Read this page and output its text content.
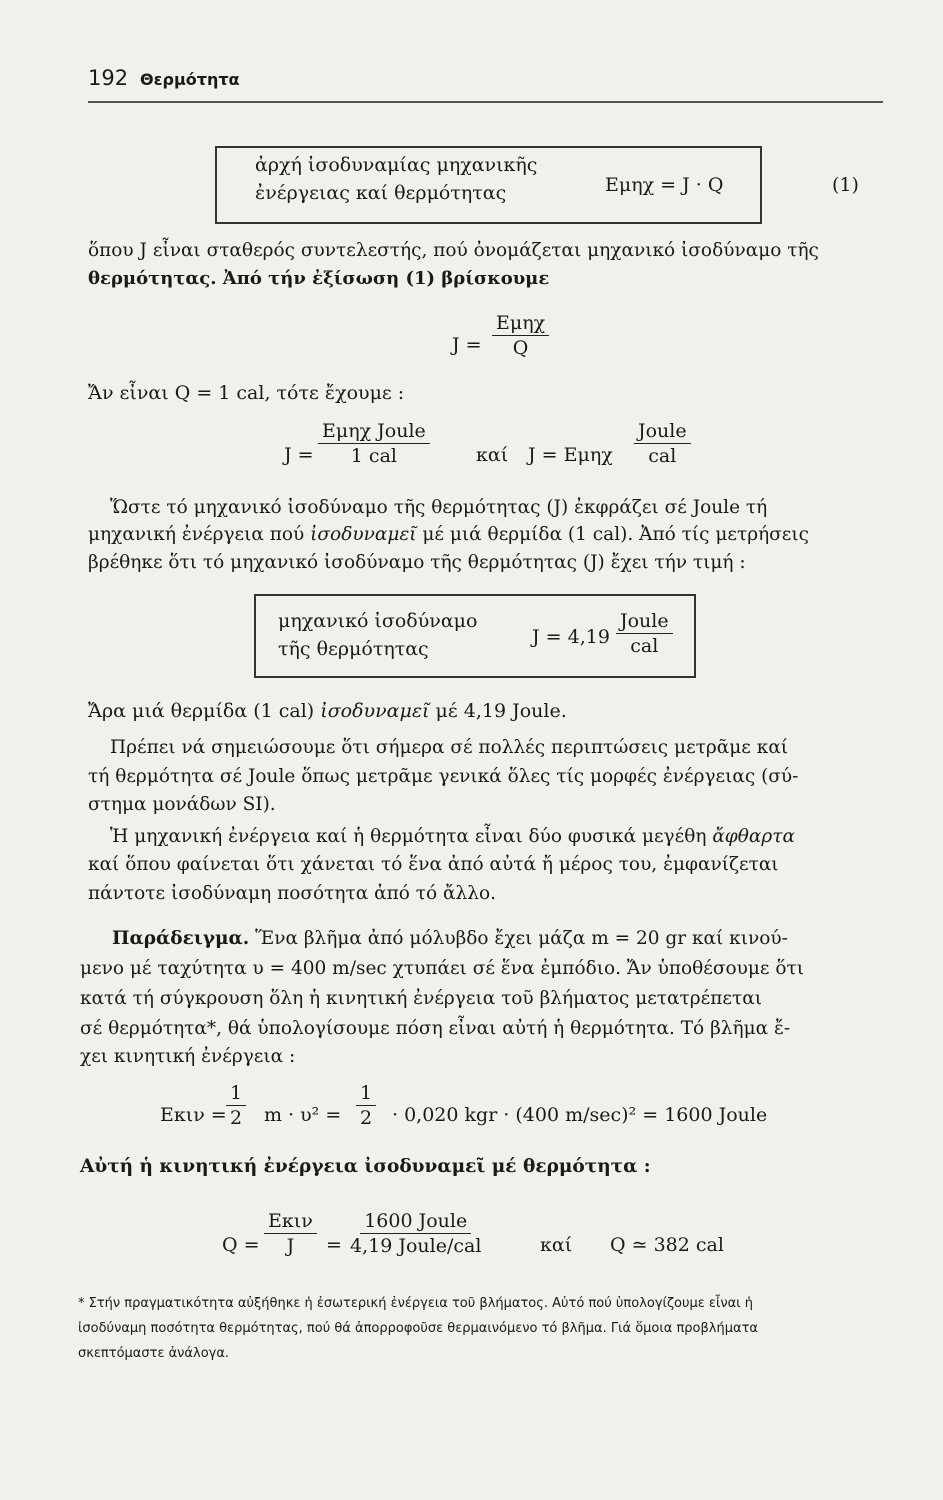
192 Θερμότητα
ἀρχή ἰσοδυναμίας μηχανικῆς
ἐνέργειας καί θερμότητας	Eμηχ = J · Q	(1)
ὅπου J εἶναι σταθερός συντελεστής, πού ὀνομάζεται μηχανικό ἰσοδύναμο τῆς
θερμότητας. Ἀπό τήν ἐξίσωση (1) βρίσκουμε
J =
Eμηχ
Q
Ἄν εἶναι Q = 1 cal, τότε ἔχουμε :
J =
Eμηχ Joule
1 cal	καί J = Eμηχ
Joule
cal
Ὥστε τό μηχανικό ἰσοδύναμο τῆς θερμότητας (J) ἐκφράζει σέ Joule τή
μηχανική ἐνέργεια πού ἰσοδυναμεῖ μέ μιά θερμίδα (1 cal). Ἀπό τίς μετρήσεις
βρέθηκε ὅτι τό μηχανικό ἰσοδύναμο τῆς θερμότητας (J) ἔχει τήν τιμή :
μηχανικό ἰσοδύναμο
τῆς θερμότητας
J = 4,19
Joule
cal
Ἄρα μιά θερμίδα (1 cal) ἰσοδυναμεῖ μέ 4,19 Joule.
Πρέπει νά σημειώσουμε ὅτι σήμερα σέ πολλές περιπτώσεις μετρᾶμε καί
τή θερμότητα σέ Joule ὅπως μετρᾶμε γενικά ὅλες τίς μορφές ἐνέργειας (σύ-
στημα μονάδων SI).
Ἡ μηχανική ἐνέργεια καί ἡ θερμότητα εἶναι δύο φυσικά μεγέθη ἄφθαρτα
καί ὅπου φαίνεται ὅτι χάνεται τό ἕνα ἀπό αὐτά ἤ μέρος του, ἐμφανίζεται
πάντοτε ἰσοδύναμη ποσότητα ἀπό τό ἄλλο.
Παράδειγμα. Ἕνα βλῆμα ἀπό μόλυβδο ἔχει μάζα m = 20 gr καί κινού-
μενο μέ ταχύτητα υ = 400 m/sec χτυπάει σέ ἕνα ἐμπόδιο. Ἄν ὑποθέσουμε ὅτι
κατά τή σύγκρουση ὅλη ἡ κινητική ἐνέργεια τοῦ βλήματος μετατρέπεται
σέ θερμότητα*, θά ὑπολογίσουμε πόση εἶναι αὐτή ἡ θερμότητα. Τό βλῆμα ἔ-
χει κινητική ἐνέργεια :
$E\kappa\iota\nu = \frac{1}{2}$ $m \cdot \upsilon^2 = \frac{1}{2} \cdot 0,020$ kgr · (400 m/sec)² = 1600 Joule
Αὐτή ἡ κινητική ἐνέργεια ἰσοδυναμεῖ μέ θερμότητα :
Q =
Eκιν
J =
1600 Joule
4,19 Joule/cal	καί Q ≃ 382 cal
* Στήν πραγματικότητα αὐξήθηκε ἡ ἐσωτερική ἐνέργεια τοῦ βλήματος. Αὐτό πού ὑπολογίζουμε εἶναι ἡ
ἰσοδύναμη ποσότητα θερμότητας, πού θά ἀπορροφοῦσε θερμαινόμενο τό βλῆμα. Γιά ὅμοια προβλήματα
σκεπτόμαστε ἀνάλογα.
